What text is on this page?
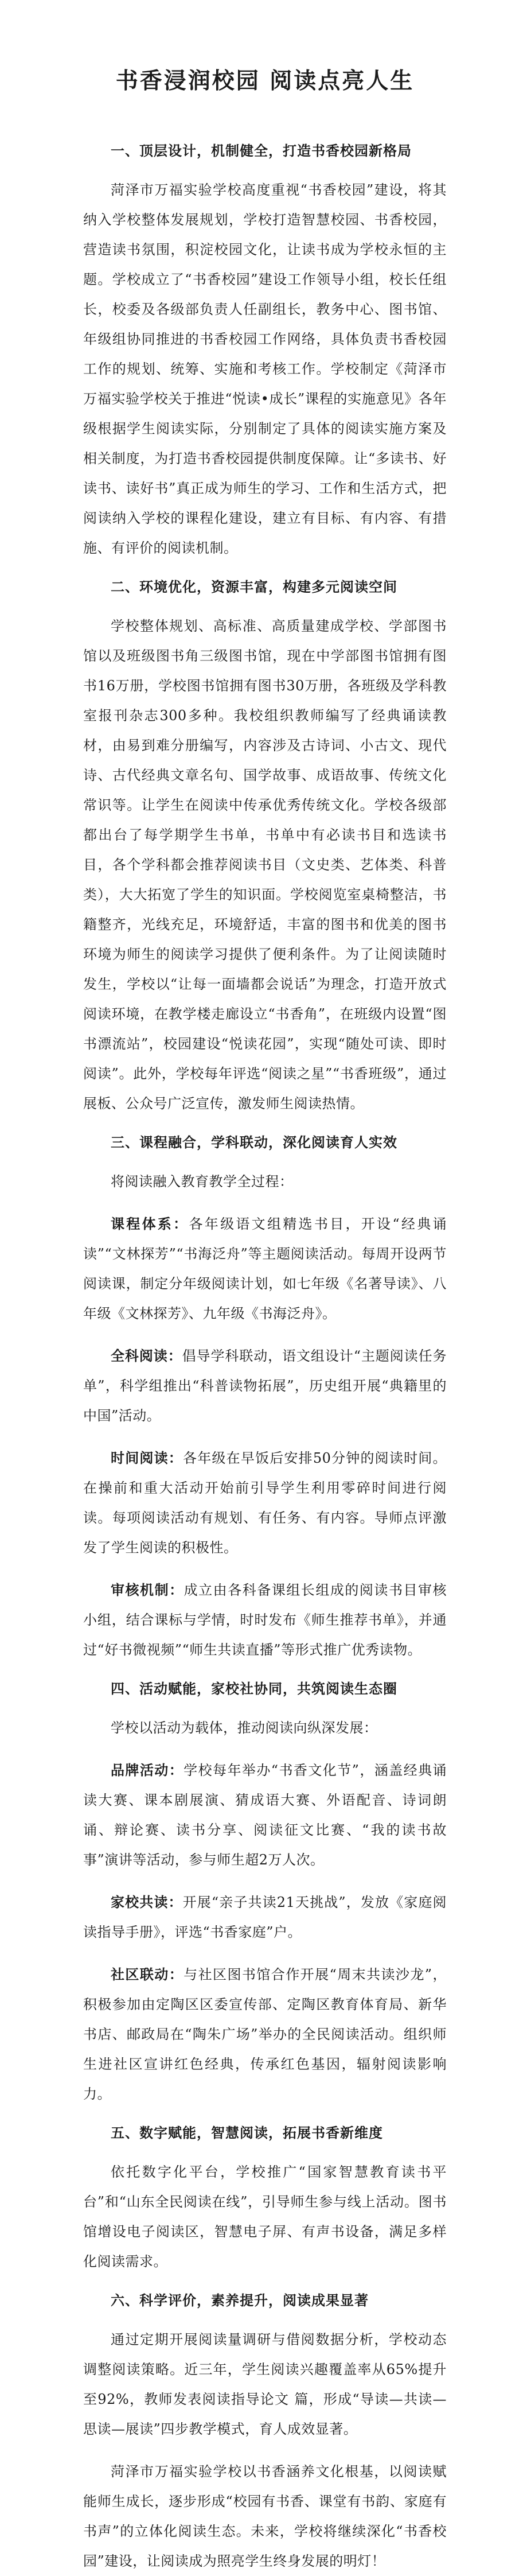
书香浸润校园 阅读点亮人生
一、顶层设计，机制健全，打造书香校园新格局

菏泽市万福实验学校高度重视“书香校园”建设，将其纳入学校整体发展规划，学校打造智慧校园、书香校园，营造读书氛围，积淀校园文化，让读书成为学校永恒的主题。学校成立了“书香校园”建设工作领导小组，校长任组长，校委及各级部负责人任副组长，教务中心、图书馆、年级组协同推进的书香校园工作网络，具体负责书香校园工作的规划、统筹、实施和考核工作。学校制定《菏泽市万福实验学校关于推进“悦读•成长”课程的实施意见》各年级根据学生阅读实际，分别制定了具体的阅读实施方案及相关制度，为打造书香校园提供制度保障。让“多读书、好读书、读好书”真正成为师生的学习、工作和生活方式，把阅读纳入学校的课程化建设，建立有目标、有内容、有措施、有评价的阅读机制。

二、环境优化，资源丰富，构建多元阅读空间

学校整体规划、高标准、高质量建成学校、学部图书馆以及班级图书角三级图书馆，现在中学部图书馆拥有图书16万册，学校图书馆拥有图书30万册，各班级及学科教室报刊杂志300多种。我校组织教师编写了经典诵读教材，由易到难分册编写，内容涉及古诗词、小古文、现代诗、古代经典文章名句、国学故事、成语故事、传统文化常识等。让学生在阅读中传承优秀传统文化。学校各级部都出台了每学期学生书单，书单中有必读书目和选读书目，各个学科都会推荐阅读书目（文史类、艺体类、科普类），大大拓宽了学生的知识面。学校阅览室桌椅整洁，书籍整齐，光线充足，环境舒适，丰富的图书和优美的图书环境为师生的阅读学习提供了便利条件。为了让阅读随时发生，学校以“让每一面墙都会说话”为理念，打造开放式阅读环境，在教学楼走廊设立“书香角”，在班级内设置“图书漂流站”，校园建设“悦读花园”，实现“随处可读、即时阅读”。此外，学校每年评选“阅读之星”“书香班级”，通过展板、公众号广泛宣传，激发师生阅读热情。

三、课程融合，学科联动，深化阅读育人实效

将阅读融入教育教学全过程：

课程体系：各年级语文组精选书目，开设“经典诵读”“文林探芳”“书海泛舟”等主题阅读活动。每周开设两节阅读课，制定分年级阅读计划，如七年级《名著导读》、八年级《文林探芳》、九年级《书海泛舟》。

全科阅读：倡导学科联动，语文组设计“主题阅读任务单”，科学组推出“科普读物拓展”，历史组开展“典籍里的中国”活动。

时间阅读：各年级在早饭后安排50分钟的阅读时间。在操前和重大活动开始前引导学生利用零碎时间进行阅读。每项阅读活动有规划、有任务、有内容。导师点评激发了学生阅读的积极性。

审核机制：成立由各科备课组长组成的阅读书目审核小组，结合课标与学情，时时发布《师生推荐书单》，并通过“好书微视频”“师生共读直播”等形式推广优秀读物。

四、活动赋能，家校社协同，共筑阅读生态圈

学校以活动为载体，推动阅读向纵深发展：

品牌活动：学校每年举办“书香文化节”，涵盖经典诵读大赛、课本剧展演、猜成语大赛、外语配音、诗词朗诵、辩论赛、读书分享、阅读征文比赛、“我的读书故事”演讲等活动，参与师生超2万人次。

家校共读：开展“亲子共读21天挑战”，发放《家庭阅读指导手册》，评选“书香家庭”户。

社区联动：与社区图书馆合作开展“周末共读沙龙”，积极参加由定陶区区委宣传部、定陶区教育体育局、新华书店、邮政局在“陶朱广场”举办的全民阅读活动。组织师生进社区宣讲红色经典，传承红色基因，辐射阅读影响力。

五、数字赋能，智慧阅读，拓展书香新维度

依托数字化平台，学校推广“国家智慧教育读书平台”和“山东全民阅读在线”，引导师生参与线上活动。图书馆增设电子阅读区，智慧电子屏、有声书设备，满足多样化阅读需求。

六、科学评价，素养提升，阅读成果显著

通过定期开展阅读量调研与借阅数据分析，学校动态调整阅读策略。近三年，学生阅读兴趣覆盖率从65%提升至92%，教师发表阅读指导论文 篇，形成“导读—共读—思读—展读”四步教学模式，育人成效显著。

菏泽市万福实验学校以书香涵养文化根基，以阅读赋能师生成长，逐步形成“校园有书香、课堂有书韵、家庭有书声”的立体化阅读生态。未来，学校将继续深化“书香校园”建设，让阅读成为照亮学生终身发展的明灯！
